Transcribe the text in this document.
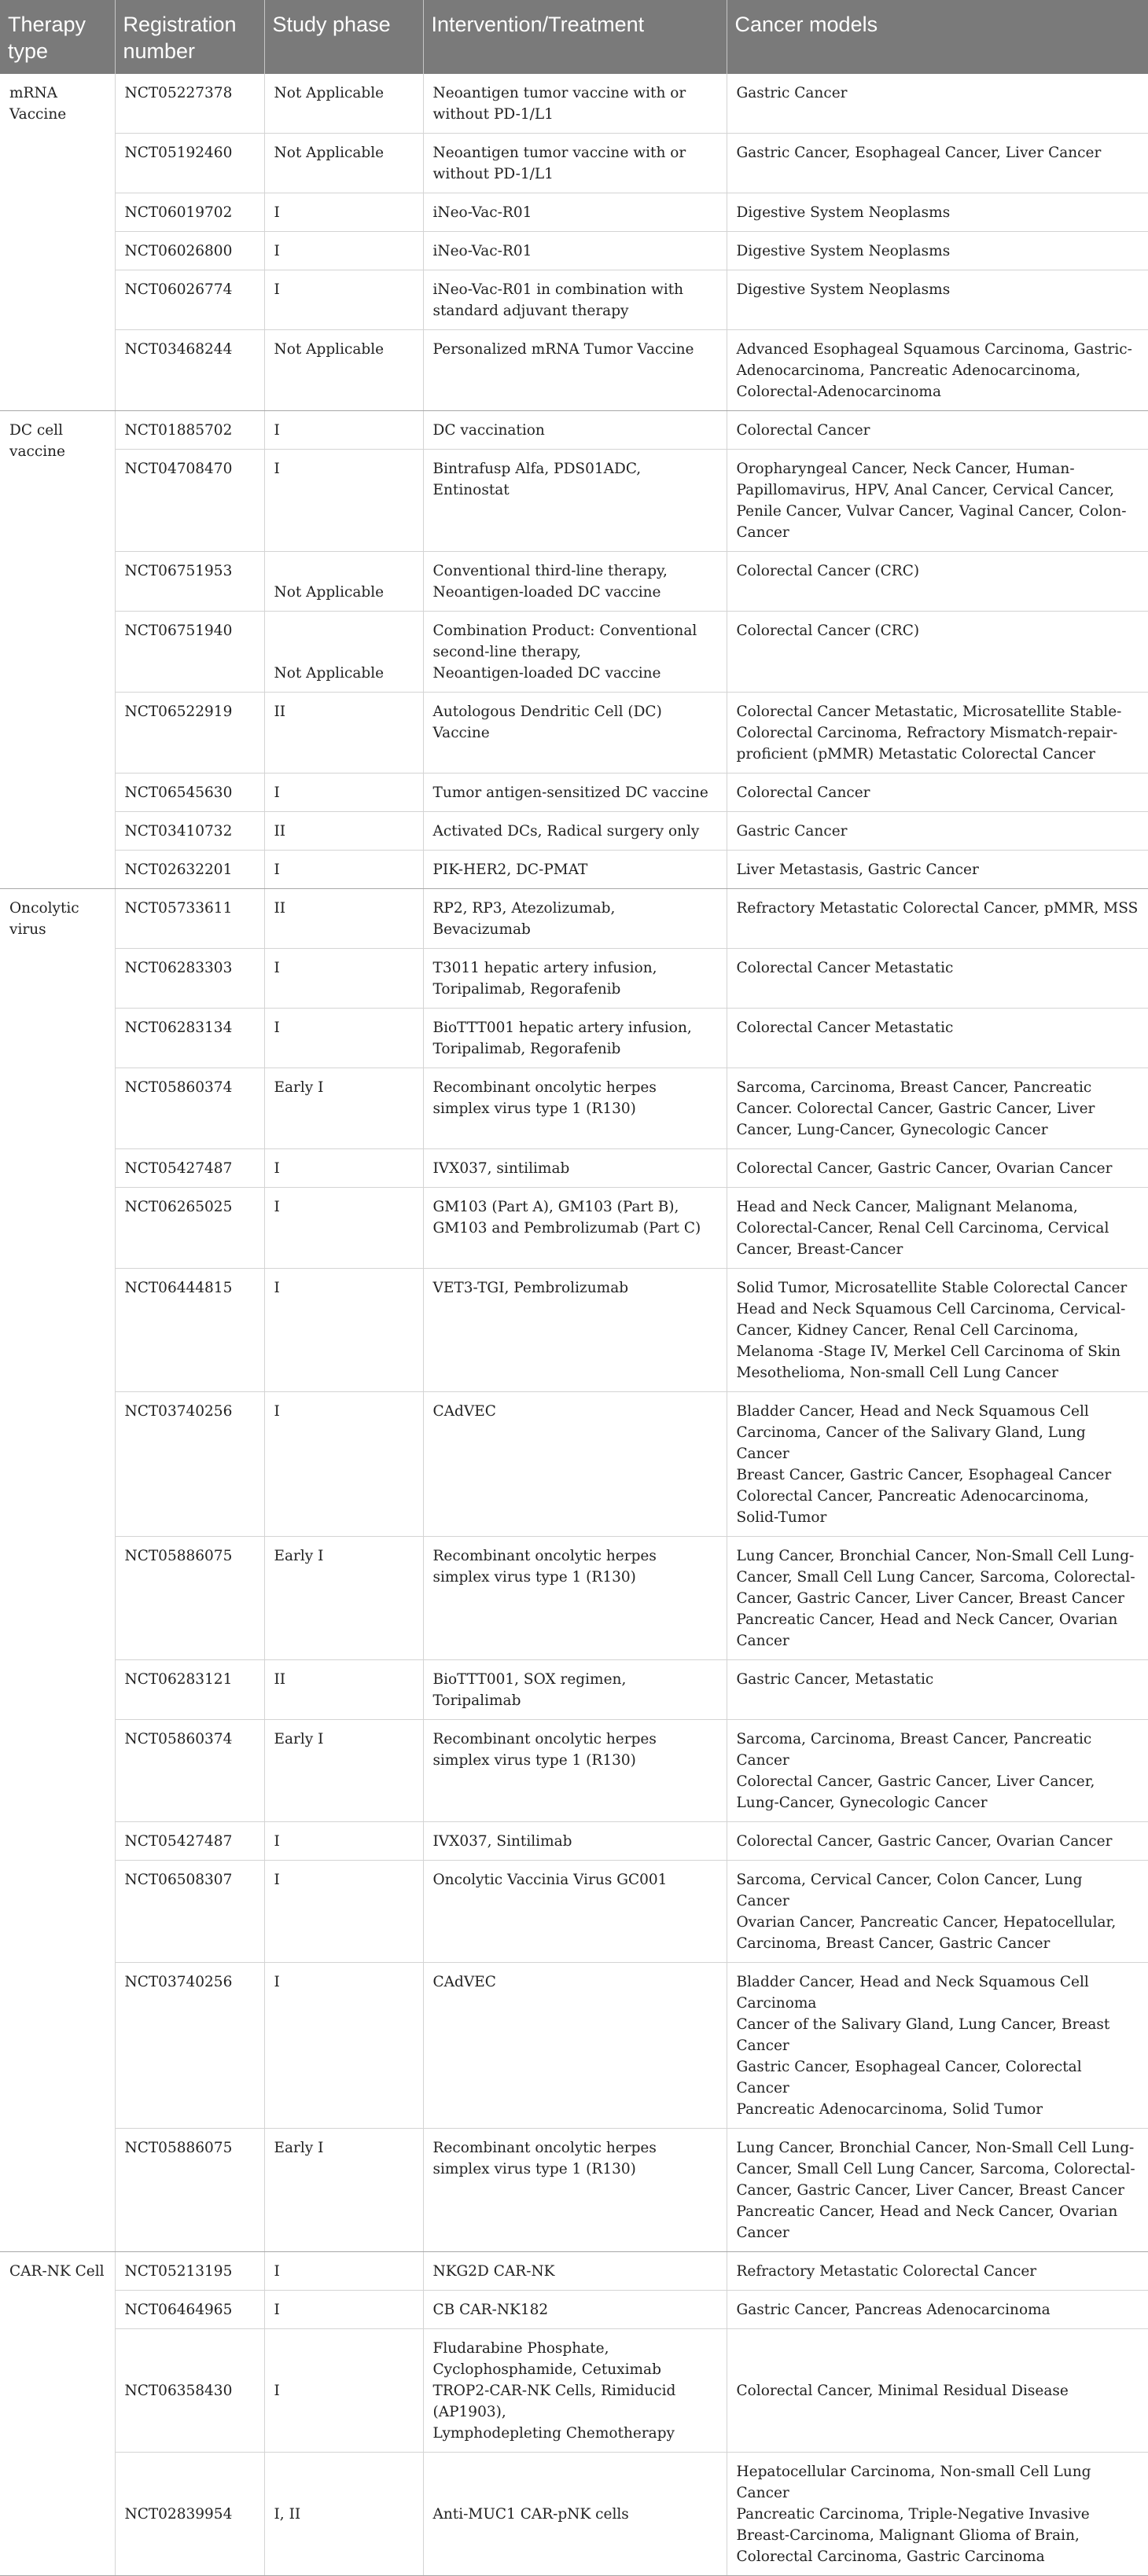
Therapy type	Registration number	Study phase	Intervention/Treatment	Cancer models
mRNA Vaccine	NCT05227378	Not Applicable	Neoantigen tumor vaccine with or without PD-1/L1	Gastric Cancer
	NCT05192460	Not Applicable	Neoantigen tumor vaccine with or without PD-1/L1	Gastric Cancer, Esophageal Cancer, Liver Cancer
	NCT06019702	I	iNeo-Vac-R01	Digestive System Neoplasms
	NCT06026800	I	iNeo-Vac-R01	Digestive System Neoplasms
	NCT06026774	I	iNeo-Vac-R01 in combination with standard adjuvant therapy	Digestive System Neoplasms
	NCT03468244	Not Applicable	Personalized mRNA Tumor Vaccine	Advanced Esophageal Squamous Carcinoma, Gastric-Adenocarcinoma, Pancreatic Adenocarcinoma, Colorectal-Adenocarcinoma
DC cell vaccine	NCT01885702	I	DC vaccination	Colorectal Cancer
	NCT04708470	I	Bintrafusp Alfa, PDS01ADC, Entinostat	Oropharyngeal Cancer, Neck Cancer, Human-Papillomavirus, HPV, Anal Cancer, Cervical Cancer, Penile Cancer, Vulvar Cancer, Vaginal Cancer, Colon-Cancer
	NCT06751953	Not Applicable	Conventional third-line therapy,
Neoantigen-loaded DC vaccine	Colorectal Cancer (CRC)
	NCT06751940	Not Applicable	Combination Product: Conventional second-line therapy,
Neoantigen-loaded DC vaccine	Colorectal Cancer (CRC)
	NCT06522919	II	Autologous Dendritic Cell (DC) Vaccine	Colorectal Cancer Metastatic, Microsatellite Stable-Colorectal Carcinoma, Refractory Mismatch-repair-proficient (pMMR) Metastatic Colorectal Cancer
	NCT06545630	I	Tumor antigen-sensitized DC vaccine	Colorectal Cancer
	NCT03410732	II	Activated DCs, Radical surgery only	Gastric Cancer
	NCT02632201	I	PIK-HER2, DC-PMAT	Liver Metastasis, Gastric Cancer
Oncolytic virus	NCT05733611	II	RP2, RP3, Atezolizumab, Bevacizumab	Refractory Metastatic Colorectal Cancer, pMMR, MSS
	NCT06283303	I	T3011 hepatic artery infusion, Toripalimab, Regorafenib	Colorectal Cancer Metastatic
	NCT06283134	I	BioTTT001 hepatic artery infusion, Toripalimab, Regorafenib	Colorectal Cancer Metastatic
	NCT05860374	Early I	Recombinant oncolytic herpes simplex virus type 1 (R130)	Sarcoma, Carcinoma, Breast Cancer, Pancreatic Cancer. Colorectal Cancer, Gastric Cancer, Liver Cancer, Lung-Cancer, Gynecologic Cancer
	NCT05427487	I	IVX037, sintilimab	Colorectal Cancer, Gastric Cancer, Ovarian Cancer
	NCT06265025	I	GM103 (Part A), GM103 (Part B), GM103 and Pembrolizumab (Part C)	Head and Neck Cancer, Malignant Melanoma, Colorectal-Cancer, Renal Cell Carcinoma, Cervical Cancer, Breast-Cancer
	NCT06444815	I	VET3-TGI, Pembrolizumab	Solid Tumor, Microsatellite Stable Colorectal Cancer
Head and Neck Squamous Cell Carcinoma, Cervical-Cancer, Kidney Cancer, Renal Cell Carcinoma, Melanoma -Stage IV, Merkel Cell Carcinoma of Skin
Mesothelioma, Non-small Cell Lung Cancer
	NCT03740256	I	CAdVEC	Bladder Cancer, Head and Neck Squamous Cell Carcinoma, Cancer of the Salivary Gland, Lung Cancer
Breast Cancer, Gastric Cancer, Esophageal Cancer
Colorectal Cancer, Pancreatic Adenocarcinoma,
Solid-Tumor
	NCT05886075	Early I	Recombinant oncolytic herpes simplex virus type 1 (R130)	Lung Cancer, Bronchial Cancer, Non-Small Cell Lung-Cancer, Small Cell Lung Cancer, Sarcoma, Colorectal-Cancer, Gastric Cancer, Liver Cancer, Breast Cancer
Pancreatic Cancer, Head and Neck Cancer, Ovarian Cancer
	NCT06283121	II	BioTTT001, SOX regimen, Toripalimab	Gastric Cancer, Metastatic
	NCT05860374	Early I	Recombinant oncolytic herpes simplex virus type 1 (R130)	Sarcoma, Carcinoma, Breast Cancer, Pancreatic Cancer
Colorectal Cancer, Gastric Cancer, Liver Cancer, Lung-Cancer, Gynecologic Cancer
	NCT05427487	I	IVX037, Sintilimab	Colorectal Cancer, Gastric Cancer, Ovarian Cancer
	NCT06508307	I	Oncolytic Vaccinia Virus GC001	Sarcoma, Cervical Cancer, Colon Cancer, Lung Cancer
Ovarian Cancer, Pancreatic Cancer, Hepatocellular, Carcinoma, Breast Cancer, Gastric Cancer
	NCT03740256	I	CAdVEC	Bladder Cancer, Head and Neck Squamous Cell Carcinoma
Cancer of the Salivary Gland, Lung Cancer, Breast Cancer
Gastric Cancer, Esophageal Cancer, Colorectal Cancer
Pancreatic Adenocarcinoma, Solid Tumor
	NCT05886075	Early I	Recombinant oncolytic herpes simplex virus type 1 (R130)	Lung Cancer, Bronchial Cancer, Non-Small Cell Lung-Cancer, Small Cell Lung Cancer, Sarcoma, Colorectal-Cancer, Gastric Cancer, Liver Cancer, Breast Cancer
Pancreatic Cancer, Head and Neck Cancer, Ovarian Cancer
CAR-NK Cell	NCT05213195	I	NKG2D CAR-NK	Refractory Metastatic Colorectal Cancer
	NCT06464965	I	CB CAR-NK182	Gastric Cancer, Pancreas Adenocarcinoma
	NCT06358430	I	Fludarabine Phosphate,
Cyclophosphamide, Cetuximab
TROP2-CAR-NK Cells, Rimiducid (AP1903),
Lymphodepleting Chemotherapy	Colorectal Cancer, Minimal Residual Disease
	NCT02839954	I, II	Anti-MUC1 CAR-pNK cells	Hepatocellular Carcinoma, Non-small Cell Lung Cancer
Pancreatic Carcinoma, Triple-Negative Invasive Breast-Carcinoma, Malignant Glioma of Brain, Colorectal Carcinoma, Gastric Carcinoma
